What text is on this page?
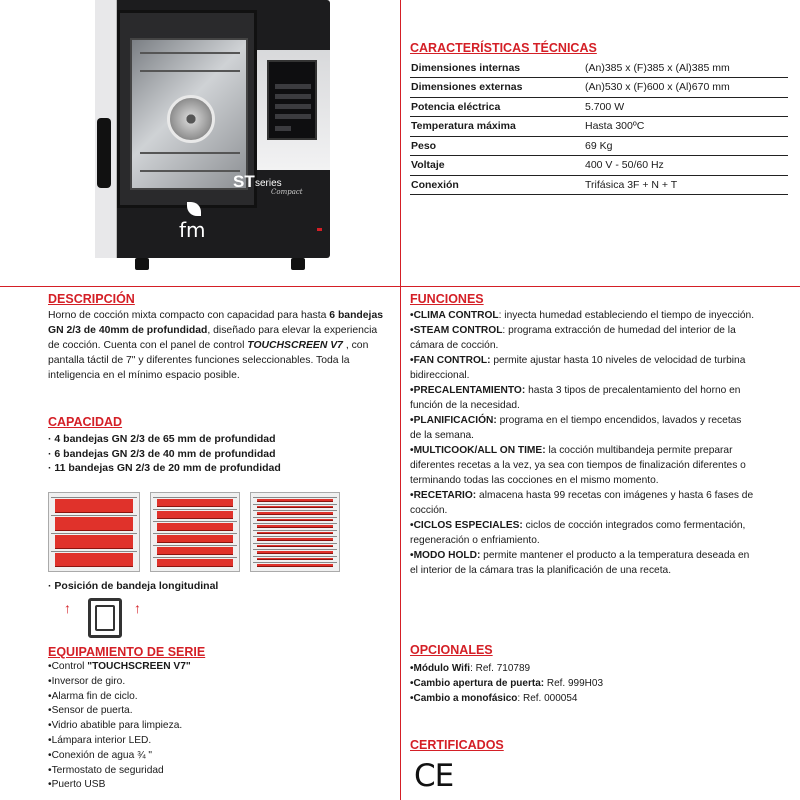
ST series
Compact
fm
CARACTERÍSTICAS TÉCNICAS
Dimensiones internas	(An)385 x (F)385 x (Al)385 mm
Dimensiones externas	(An)530 x (F)600 x (Al)670 mm
Potencia eléctrica	5.700 W
Temperatura máxima	Hasta 300ºC
Peso	69 Kg
Voltaje	400 V - 50/60 Hz
Conexión	Trifásica 3F + N + T
DESCRIPCIÓN
Horno de cocción mixta compacto con capacidad para hasta 6 bandejas GN 2/3 de 40mm de profundidad, diseñado para elevar la experiencia de cocción. Cuenta con el panel de control TOUCHSCREEN V7 , con pantalla táctil de 7" y diferentes funciones seleccionables. Toda la inteligencia en el mínimo espacio posible.
CAPACIDAD
· 4 bandejas GN 2/3 de 65 mm de profundidad
· 6 bandejas GN 2/3 de 40 mm de profundidad
· 11 bandejas GN 2/3 de 20 mm de profundidad
· Posición de bandeja longitudinal
↑	↑
EQUIPAMIENTO DE SERIE
•Control "TOUCHSCREEN V7"
•Inversor de giro.
•Alarma fin de ciclo.
•Sensor de puerta.
•Vidrio abatible para limpieza.
•Lámpara interior LED.
•Conexión de agua ¾ "
•Termostato de seguridad
•Puerto USB
FUNCIONES
•CLIMA CONTROL: inyecta humedad estableciendo el tiempo de inyección.
•STEAM CONTROL: programa extracción de humedad del interior de la cámara de cocción.
•FAN CONTROL: permite ajustar hasta 10 niveles de velocidad de turbina bidireccional.
•PRECALENTAMIENTO: hasta 3 tipos de precalentamiento del horno en función de la necesidad.
•PLANIFICACIÓN: programa en el tiempo encendidos, lavados y recetas de la semana.
•MULTICOOK/ALL ON TIME: la cocción multibandeja permite preparar diferentes recetas a la vez, ya sea con tiempos de finalización diferentes o terminando todas las cocciones en el mismo momento.
•RECETARIO: almacena hasta 99 recetas con imágenes y hasta 6 fases de cocción.
•CICLOS ESPECIALES: ciclos de cocción integrados como fermentación, regeneración o enfriamiento.
•MODO HOLD: permite mantener el producto a la temperatura deseada en el interior de la cámara tras la planificación de una receta.
OPCIONALES
•Módulo Wifi: Ref. 710789
•Cambio apertura de puerta: Ref. 999H03
•Cambio a monofásico: Ref. 000054
CERTIFICADOS
CE
